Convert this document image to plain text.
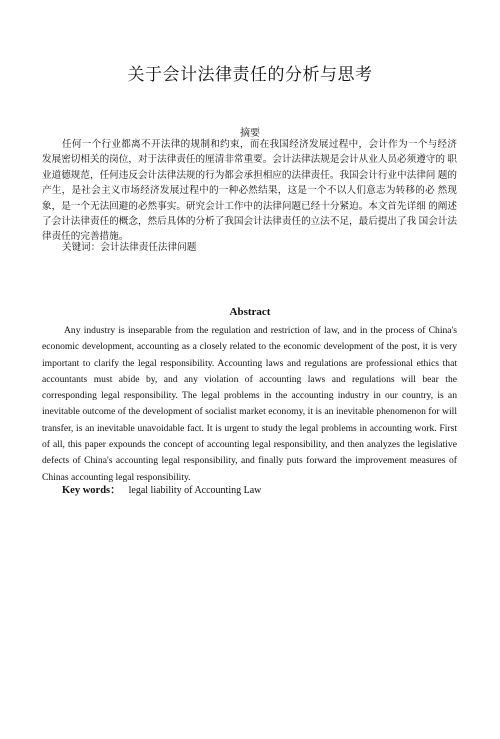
关于会计法律责任的分析与思考
摘要

任何一个行业都离不开法律的规制和约束，而在我国经济发展过程中，会计作为一个与经济 发展密切相关的岗位，对于法律责任的厘清非常重要。会计法律法规是会计从业人员必须遵守的 职业道德规范，任何违反会计法律法规的行为都会承担相应的法律责任。我国会计行业中法律问 题的产生，是社会主义市场经济发展过程中的一种必然结果，这是一个不以人们意志为转移的必 然现象，是一个无法回避的必然事实。研究会计工作中的法律问题已经十分紧迫。本文首先详细 的阐述了会计法律责任的概念，然后具体的分析了我国会计法律责任的立法不足，最后提出了我 国会计法律责任的完善措施。

关键词：会计法律责任法律问题
Abstract

Any industry is inseparable from the regulation and restriction of law, and in the process of China's economic development, accounting as a closely related to the economic development of the post, it is very important to clarify the legal responsibility. Accounting laws and regulations are professional ethics that accountants must abide by, and any violation of accounting laws and regulations will bear the corresponding legal responsibility. The legal problems in the accounting industry in our country, is an inevitable outcome of the development of socialist market economy, it is an inevitable phenomenon for will transfer, is an inevitable unavoidable fact. It is urgent to study the legal problems in accounting work. First of all, this paper expounds the concept of accounting legal responsibility, and then analyzes the legislative defects of China's accounting legal responsibility, and finally puts forward the improvement measures of Chinas accounting legal responsibility.

Key words： legal liability of Accounting Law
